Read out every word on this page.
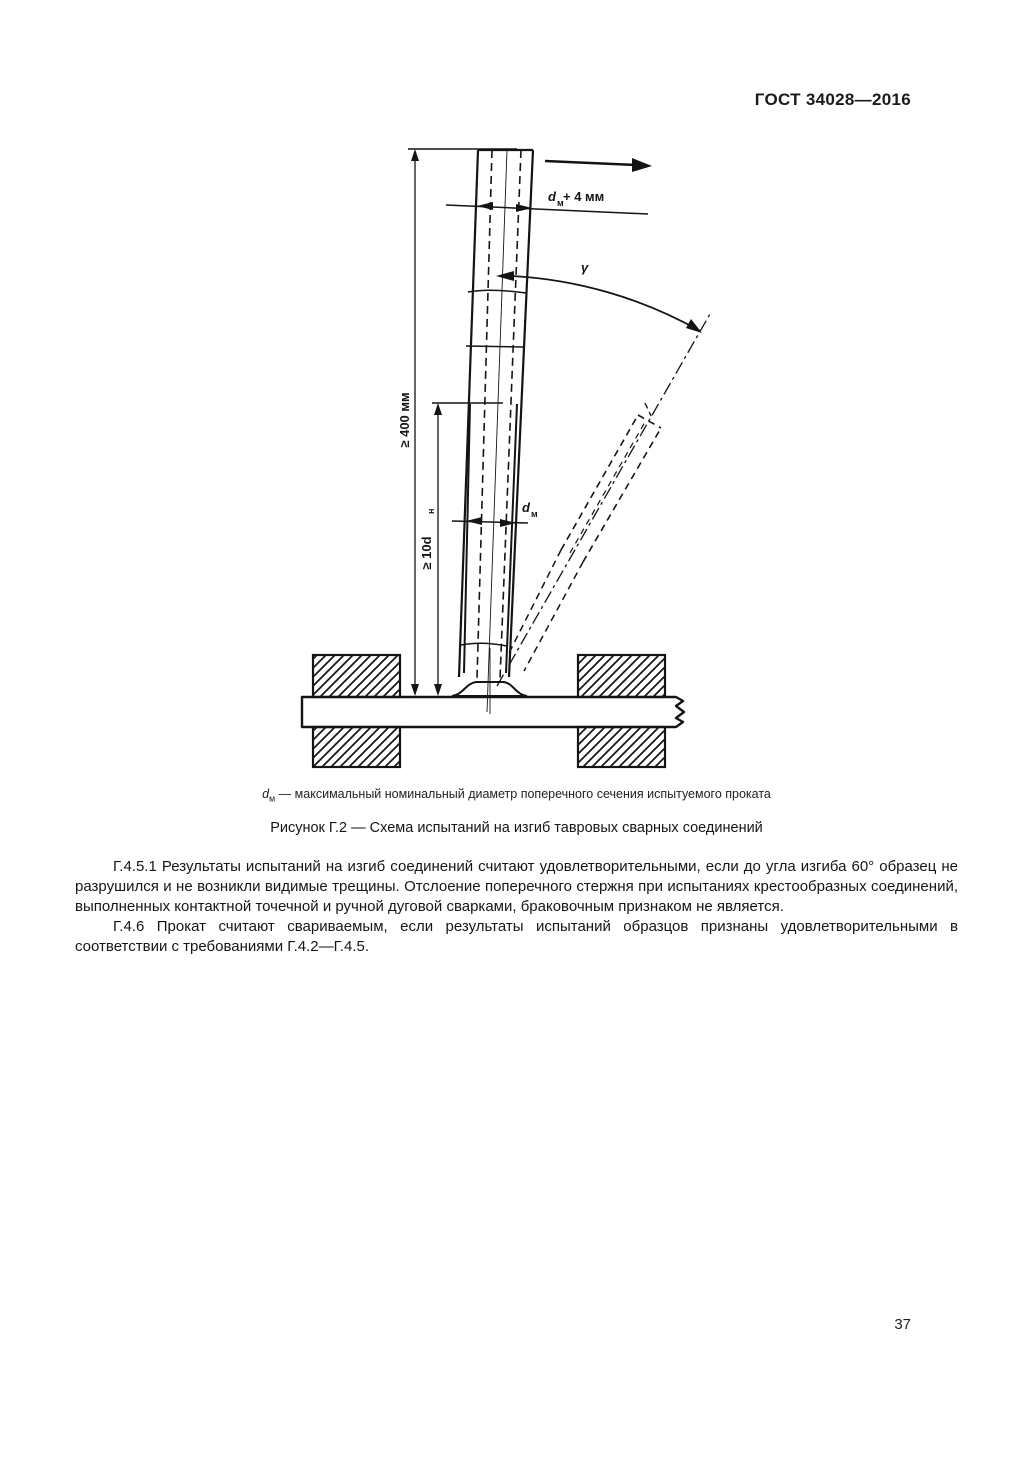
ГОСТ 34028—2016
γ
≥ 400 мм
≥ 10d
н
d м + 4 мм
d м
$d_м$ — максимальный номинальный диаметр поперечного сечения испытуемого проката
Рисунок Г.2 — Схема испытаний на изгиб тавровых сварных соединений

Г.4.5.1 Результаты испытаний на изгиб соединений считают удовлетворительными, если до угла изгиба 60° образец не разрушился и не возникли видимые трещины. Отслоение поперечного стержня при испытаниях крестообразных соединений, выполненных контактной точечной и ручной дуговой сварками, браковочным признаком не является.

Г.4.6 Прокат считают свариваемым, если результаты испытаний образцов признаны удовлетворительными в соответствии с требованиями Г.4.2—Г.4.5.

37
